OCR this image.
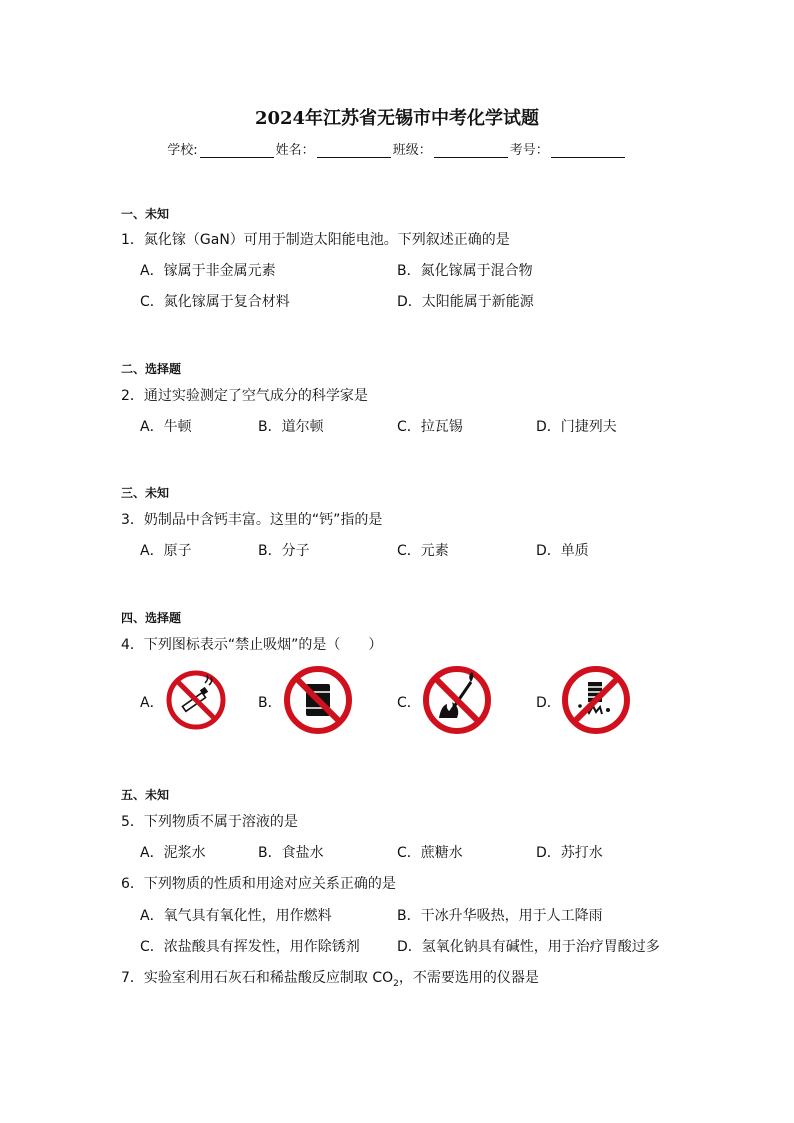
2024年江苏省无锡市中考化学试题
学校:	姓名：	班级：	考号：
一、未知
1．氮化镓（GaN）可用于制造太阳能电池。下列叙述正确的是
A．镓属于非金属元素	B．氮化镓属于混合物
C．氮化镓属于复合材料	D．太阳能属于新能源
二、选择题
2．通过实验测定了空气成分的科学家是
A．牛顿	B．道尔顿	C．拉瓦锡	D．门捷列夫
三、未知
3．奶制品中含钙丰富。这里的“钙”指的是
A．原子	B．分子	C．元素	D．单质
四、选择题
4．下列图标表示“禁止吸烟”的是（　　）
A．	B．	C．	D．
五、未知
5．下列物质不属于溶液的是
A．泥浆水	B．食盐水	C．蔗糖水	D．苏打水
6．下列物质的性质和用途对应关系正确的是
A．氧气具有氧化性，用作燃料	B．干冰升华吸热，用于人工降雨
C．浓盐酸具有挥发性，用作除锈剂	D．氢氧化钠具有碱性，用于治疗胃酸过多
7．实验室利用石灰石和稀盐酸反应制取 $CO_2$，不需要选用的仪器是
